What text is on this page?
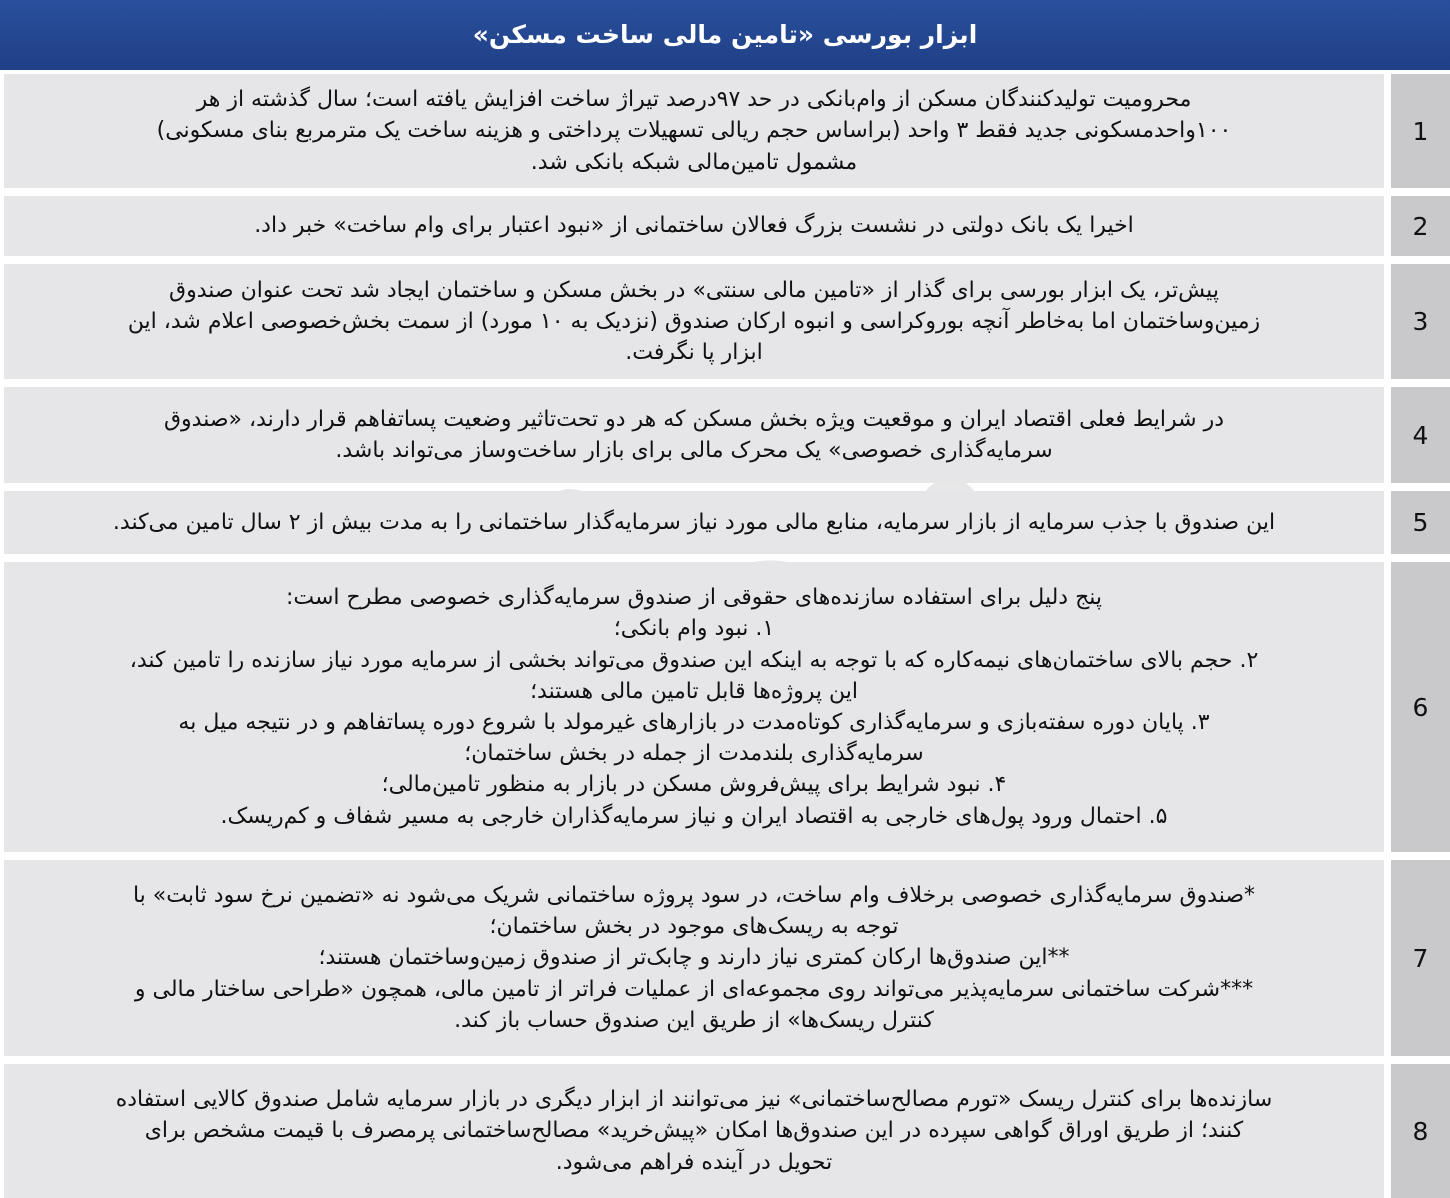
ابزار بورسی «تامین مالی ساخت مسکن»
محرومیت تولیدکنندگان مسکن از وام‌بانکی در حد ۹۷درصد تیراژ ساخت افزایش یافته است؛ سال گذشته از هر
۱۰۰واحدمسکونی جدید فقط ۳ واحد (براساس حجم ریالی تسهیلات پرداختی و هزینه ساخت یک مترمربع بنای مسکونی)
مشمول تامین‌مالی شبکه بانکی شد.
1
اخیرا یک بانک دولتی در نشست بزرگ فعالان ساختمانی از «نبود اعتبار برای وام ساخت» خبر داد.	2
پیش‌تر، یک ابزار بورسی برای گذار از «تامین مالی سنتی» در بخش مسکن و ساختمان ایجاد شد تحت عنوان صندوق
زمین‌وساختمان اما به‌خاطر آنچه بوروکراسی و انبوه ارکان صندوق (نزدیک به ۱۰ مورد) از سمت بخش‌خصوصی اعلام شد، این
ابزار پا نگرفت.
3
در شرایط فعلی اقتصاد ایران و موقعیت ویژه بخش مسکن که هر دو تحت‌تاثیر وضعیت پساتفاهم قرار دارند، «صندوق
سرمایه‌گذاری خصوصی» یک محرک مالی برای بازار ساخت‌وساز می‌تواند باشد.
4
این صندوق با جذب سرمایه از بازار سرمایه، منابع مالی مورد نیاز سرمایه‌گذار ساختمانی را به مدت بیش از ۲ سال تامین می‌کند.	5
پنج دلیل برای استفاده سازنده‌های حقوقی از صندوق سرمایه‌گذاری خصوصی مطرح است:
۱. نبود وام بانکی؛
۲. حجم بالای ساختمان‌های نیمه‌کاره که با توجه به اینکه این صندوق می‌تواند بخشی از سرمایه مورد نیاز سازنده را تامین کند،
این پروژه‌ها قابل تامین مالی هستند؛
۳. پایان دوره سفته‌بازی و سرمایه‌گذاری کوتاه‌مدت در بازارهای غیرمولد با شروع دوره پساتفاهم و در نتیجه میل به
سرمایه‌گذاری بلندمدت از جمله در بخش ساختمان؛
۴. نبود شرایط برای پیش‌فروش مسکن در بازار به منظور تامین‌مالی؛
۵. احتمال ورود پول‌های خارجی به اقتصاد ایران و نیاز سرمایه‌گذاران خارجی به مسیر شفاف و کم‌ریسک.
6
*صندوق سرمایه‌گذاری خصوصی برخلاف وام ساخت، در سود پروژه ساختمانی شریک می‌شود نه «تضمین نرخ سود ثابت» با
توجه به ریسک‌های موجود در بخش ساختمان؛
**این صندوق‌ها ارکان کمتری نیاز دارند و چابک‌تر از صندوق زمین‌وساختمان هستند؛
***شرکت ساختمانی سرمایه‌پذیر می‌تواند روی مجموعه‌ای از عملیات فراتر از تامین مالی، همچون «طراحی ساختار مالی و
کنترل ریسک‌ها» از طریق این صندوق حساب باز کند.
7
سازنده‌ها برای کنترل ریسک «تورم مصالح‌ساختمانی» نیز می‌توانند از ابزار دیگری در بازار سرمایه شامل صندوق کالایی استفاده
کنند؛ از طریق اوراق گواهی سپرده در این صندوق‌ها امکان «پیش‌خرید» مصالح‌ساختمانی پرمصرف با قیمت مشخص برای
تحویل در آینده فراهم می‌شود.
8
